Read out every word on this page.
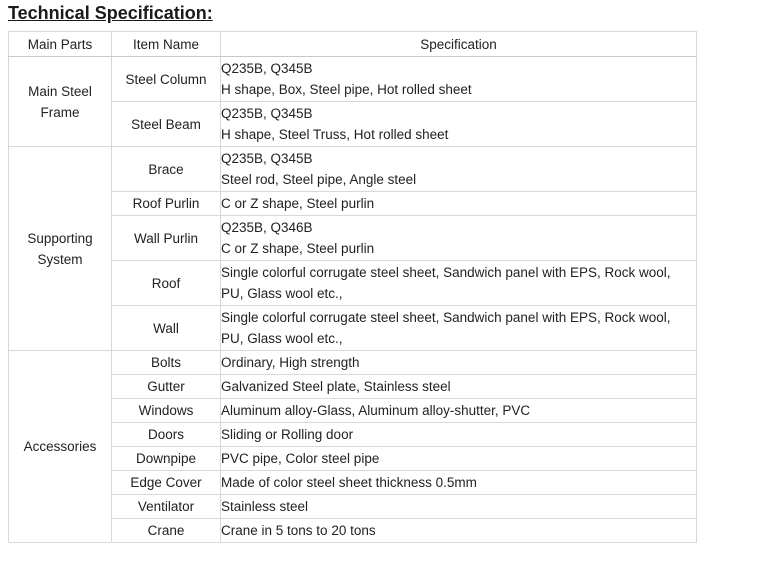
Technical Specification:
Main Parts	Item Name	Specification
Main Steel Frame	Steel Column	Q235B, Q345B
H shape, Box, Steel pipe, Hot rolled sheet

	Steel Beam	Q235B, Q345B
H shape, Steel Truss, Hot rolled sheet

Supporting System	Brace	Q235B, Q345B
Steel rod, Steel pipe, Angle steel

	Roof Purlin	C or Z shape, Steel purlin

	Wall Purlin	Q235B, Q346B
C or Z shape, Steel purlin

	Roof	Single colorful corrugate steel sheet, Sandwich panel with EPS, Rock wool,
PU, Glass wool etc.,

	Wall	Single colorful corrugate steel sheet, Sandwich panel with EPS, Rock wool,
PU, Glass wool etc.,

Accessories	Bolts	Ordinary, High strength

	Gutter	Galvanized Steel plate, Stainless steel

	Windows	Aluminum alloy-Glass, Aluminum alloy-shutter, PVC

	Doors	Sliding or Rolling door

	Downpipe	PVC pipe, Color steel pipe

	Edge Cover	Made of color steel sheet thickness 0.5mm

	Ventilator	Stainless steel

	Crane	Crane in 5 tons to 20 tons
